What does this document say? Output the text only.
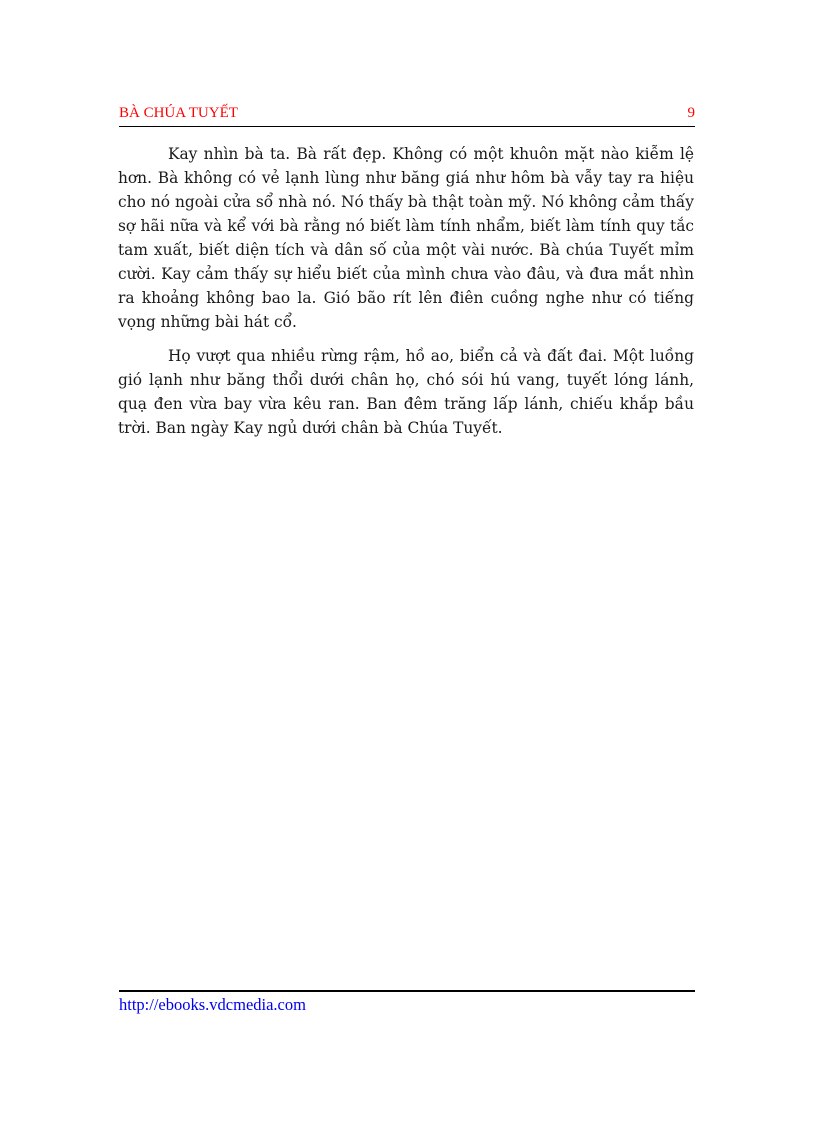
BÀ CHÚA TUYẾT	9

Kay nhìn bà ta. Bà rất đẹp. Không có một khuôn mặt nào kiễm lệ hơn. Bà không có vẻ lạnh lùng như băng giá như hôm bà vẫy tay ra hiệu cho nó ngoài cửa sổ nhà nó. Nó thấy bà thật toàn mỹ. Nó không cảm thấy sợ hãi nữa và kể với bà rằng nó biết làm tính nhẩm, biết làm tính quy tắc tam xuất, biết diện tích và dân số của một vài nước. Bà chúa Tuyết mỉm cười. Kay cảm thấy sự hiểu biết của mình chưa vào đâu, và đưa mắt nhìn ra khoảng không bao la. Gió bão rít lên điên cuồng nghe như có tiếng vọng những bài hát cổ.

Họ vượt qua nhiều rừng rậm, hồ ao, biển cả và đất đai. Một luồng gió lạnh như băng thổi dưới chân họ, chó sói hú vang, tuyết lóng lánh, quạ đen vừa bay vừa kêu ran. Ban đêm trăng lấp lánh, chiếu khắp bầu trời. Ban ngày Kay ngủ dưới chân bà Chúa Tuyết.

http://ebooks.vdcmedia.com
